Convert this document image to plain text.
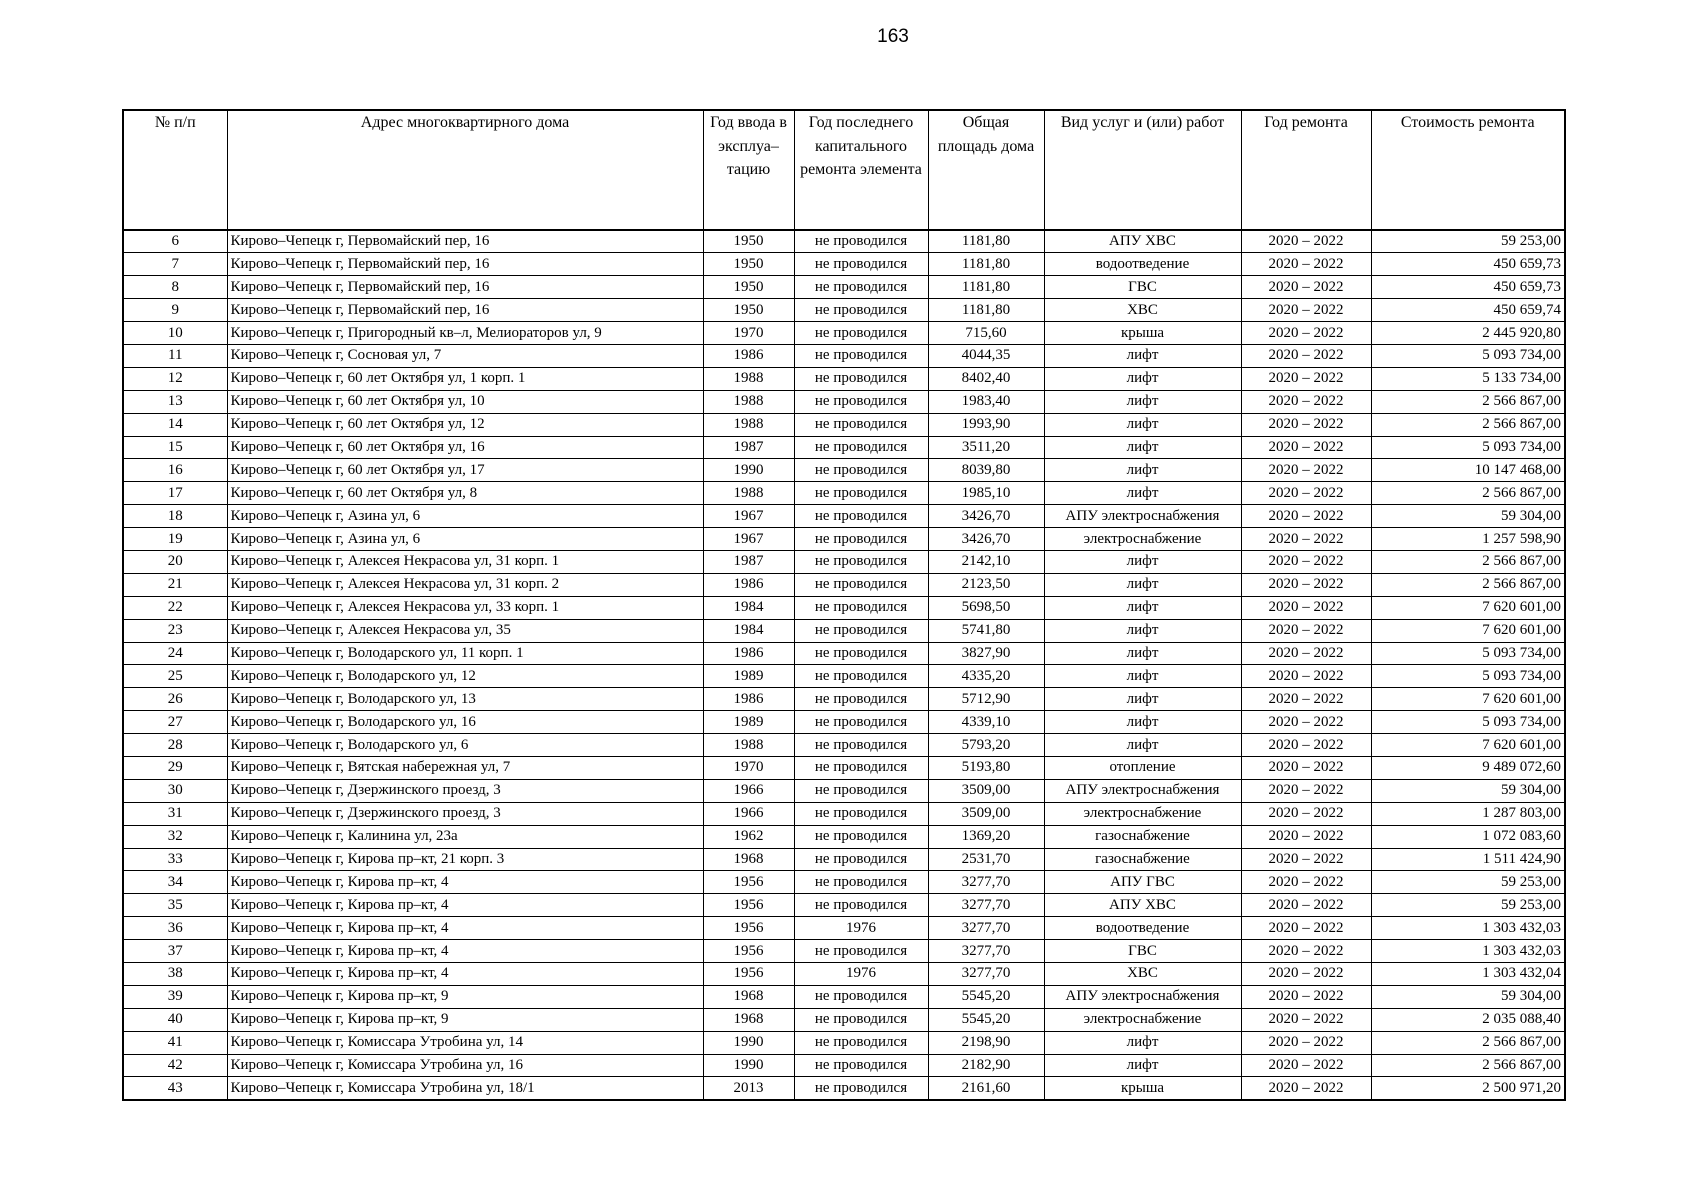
163
№ п/п	Адрес многоквартирного дома	Год ввода в эксплуа–тацию	Год последнего капитального ремонта элемента	Общая площадь дома	Вид услуг и (или) работ	Год ремонта	Стоимость ремонта
6	Кирово–Чепецк г, Первомайский пер, 16	1950	не проводился	1181,80	АПУ ХВС	2020 – 2022	59 253,00
7	Кирово–Чепецк г, Первомайский пер, 16	1950	не проводился	1181,80	водоотведение	2020 – 2022	450 659,73
8	Кирово–Чепецк г, Первомайский пер, 16	1950	не проводился	1181,80	ГВС	2020 – 2022	450 659,73
9	Кирово–Чепецк г, Первомайский пер, 16	1950	не проводился	1181,80	ХВС	2020 – 2022	450 659,74
10	Кирово–Чепецк г, Пригородный кв–л, Мелиораторов ул, 9	1970	не проводился	715,60	крыша	2020 – 2022	2 445 920,80
11	Кирово–Чепецк г, Сосновая ул, 7	1986	не проводился	4044,35	лифт	2020 – 2022	5 093 734,00
12	Кирово–Чепецк г, 60 лет Октября ул, 1 корп. 1	1988	не проводился	8402,40	лифт	2020 – 2022	5 133 734,00
13	Кирово–Чепецк г, 60 лет Октября ул, 10	1988	не проводился	1983,40	лифт	2020 – 2022	2 566 867,00
14	Кирово–Чепецк г, 60 лет Октября ул, 12	1988	не проводился	1993,90	лифт	2020 – 2022	2 566 867,00
15	Кирово–Чепецк г, 60 лет Октября ул, 16	1987	не проводился	3511,20	лифт	2020 – 2022	5 093 734,00
16	Кирово–Чепецк г, 60 лет Октября ул, 17	1990	не проводился	8039,80	лифт	2020 – 2022	10 147 468,00
17	Кирово–Чепецк г, 60 лет Октября ул, 8	1988	не проводился	1985,10	лифт	2020 – 2022	2 566 867,00
18	Кирово–Чепецк г, Азина ул, 6	1967	не проводился	3426,70	АПУ электроснабжения	2020 – 2022	59 304,00
19	Кирово–Чепецк г, Азина ул, 6	1967	не проводился	3426,70	электроснабжение	2020 – 2022	1 257 598,90
20	Кирово–Чепецк г, Алексея Некрасова ул, 31 корп. 1	1987	не проводился	2142,10	лифт	2020 – 2022	2 566 867,00
21	Кирово–Чепецк г, Алексея Некрасова ул, 31 корп. 2	1986	не проводился	2123,50	лифт	2020 – 2022	2 566 867,00
22	Кирово–Чепецк г, Алексея Некрасова ул, 33 корп. 1	1984	не проводился	5698,50	лифт	2020 – 2022	7 620 601,00
23	Кирово–Чепецк г, Алексея Некрасова ул, 35	1984	не проводился	5741,80	лифт	2020 – 2022	7 620 601,00
24	Кирово–Чепецк г, Володарского ул, 11 корп. 1	1986	не проводился	3827,90	лифт	2020 – 2022	5 093 734,00
25	Кирово–Чепецк г, Володарского ул, 12	1989	не проводился	4335,20	лифт	2020 – 2022	5 093 734,00
26	Кирово–Чепецк г, Володарского ул, 13	1986	не проводился	5712,90	лифт	2020 – 2022	7 620 601,00
27	Кирово–Чепецк г, Володарского ул, 16	1989	не проводился	4339,10	лифт	2020 – 2022	5 093 734,00
28	Кирово–Чепецк г, Володарского ул, 6	1988	не проводился	5793,20	лифт	2020 – 2022	7 620 601,00
29	Кирово–Чепецк г, Вятская набережная ул, 7	1970	не проводился	5193,80	отопление	2020 – 2022	9 489 072,60
30	Кирово–Чепецк г, Дзержинского проезд, 3	1966	не проводился	3509,00	АПУ электроснабжения	2020 – 2022	59 304,00
31	Кирово–Чепецк г, Дзержинского проезд, 3	1966	не проводился	3509,00	электроснабжение	2020 – 2022	1 287 803,00
32	Кирово–Чепецк г, Калинина ул, 23а	1962	не проводился	1369,20	газоснабжение	2020 – 2022	1 072 083,60
33	Кирово–Чепецк г, Кирова пр–кт, 21 корп. 3	1968	не проводился	2531,70	газоснабжение	2020 – 2022	1 511 424,90
34	Кирово–Чепецк г, Кирова пр–кт, 4	1956	не проводился	3277,70	АПУ ГВС	2020 – 2022	59 253,00
35	Кирово–Чепецк г, Кирова пр–кт, 4	1956	не проводился	3277,70	АПУ ХВС	2020 – 2022	59 253,00
36	Кирово–Чепецк г, Кирова пр–кт, 4	1956	1976	3277,70	водоотведение	2020 – 2022	1 303 432,03
37	Кирово–Чепецк г, Кирова пр–кт, 4	1956	не проводился	3277,70	ГВС	2020 – 2022	1 303 432,03
38	Кирово–Чепецк г, Кирова пр–кт, 4	1956	1976	3277,70	ХВС	2020 – 2022	1 303 432,04
39	Кирово–Чепецк г, Кирова пр–кт, 9	1968	не проводился	5545,20	АПУ электроснабжения	2020 – 2022	59 304,00
40	Кирово–Чепецк г, Кирова пр–кт, 9	1968	не проводился	5545,20	электроснабжение	2020 – 2022	2 035 088,40
41	Кирово–Чепецк г, Комиссара Утробина ул, 14	1990	не проводился	2198,90	лифт	2020 – 2022	2 566 867,00
42	Кирово–Чепецк г, Комиссара Утробина ул, 16	1990	не проводился	2182,90	лифт	2020 – 2022	2 566 867,00
43	Кирово–Чепецк г, Комиссара Утробина ул, 18/1	2013	не проводился	2161,60	крыша	2020 – 2022	2 500 971,20
